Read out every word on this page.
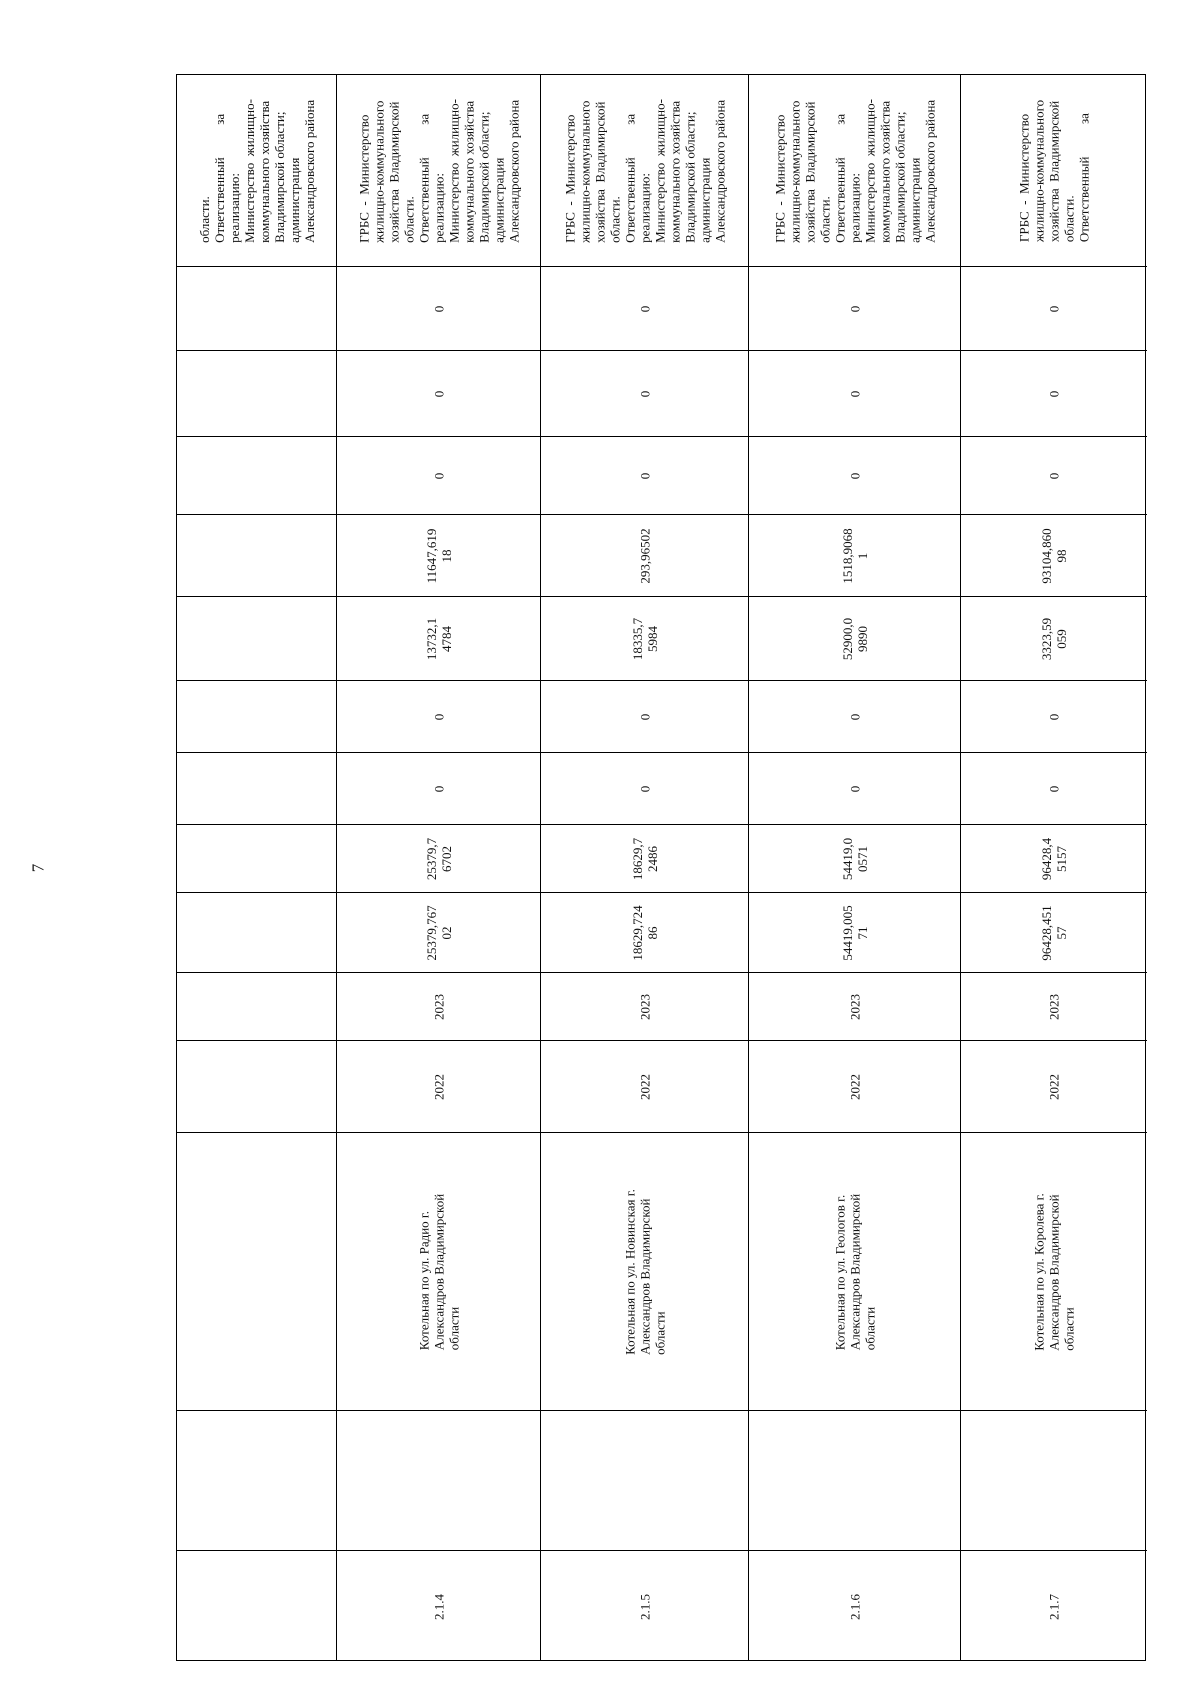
7
области.
Ответственный          за
реализацию:
Министерство  жилищно-
коммунального хозяйства
Владимирской области;
администрация
Александровского района
ГРБС  -  Министерство
жилищно-коммунального
хозяйства  Владимирской
области.
Ответственный          за
реализацию:
Министерство  жилищно-
коммунального хозяйства
Владимирской области;
администрация
Александровского района
0
0
0
11647,619
18
13732,1
4784
0
0
25379,7
6702
25379,767
02
2023
2022
Котельная по ул. Радио г.
Александров Владимирской
области
2.1.4
ГРБС  -  Министерство
жилищно-коммунального
хозяйства  Владимирской
области.
Ответственный          за
реализацию:
Министерство  жилищно-
коммунального хозяйства
Владимирской области;
администрация
Александровского района
0
0
0
293,96502
18335,7
5984
0
0
18629,7
2486
18629,724
86
2023
2022
Котельная по ул. Новинская г.
Александров Владимирской
области
2.1.5
ГРБС  -  Министерство
жилищно-коммунального
хозяйства  Владимирской
области.
Ответственный          за
реализацию:
Министерство  жилищно-
коммунального хозяйства
Владимирской области;
администрация
Александровского района
0
0
0
1518,9068
1
52900,0
9890
0
0
54419,0
0571
54419,005
71
2023
2022
Котельная по ул. Геологов г.
Александров Владимирской
области
2.1.6
ГРБС  -  Министерство
жилищно-коммунального
хозяйства  Владимирской
области.
Ответственный          за
0
0
0
93104,860
98
3323,59
059
0
0
96428,4
5157
96428,451
57
2023
2022
Котельная по ул. Королева г.
Александров Владимирской
области
2.1.7
